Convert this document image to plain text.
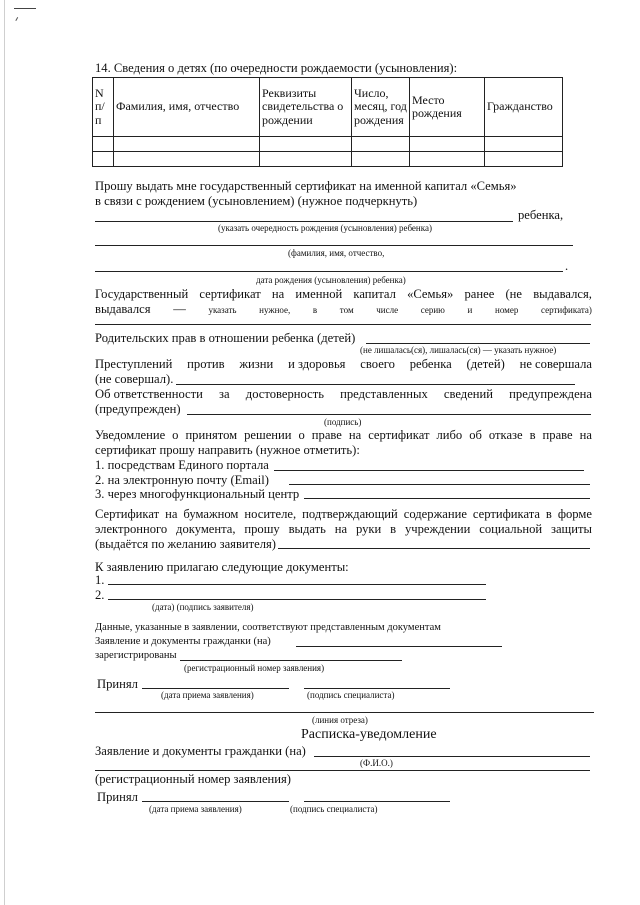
14. Сведения о детях (по очередности рождаемости (усыновления):
N п/п	Фамилия, имя, отчество	Реквизиты свидетельства о рождении	Число, месяц, год рождения	Место рождения	Гражданство

Прошу выдать мне государственный сертификат на именной капитал «Семья»
в связи с рождением (усыновлением) (нужное подчеркнуть)
ребенка,
(указать очередность рождения (усыновления) ребенка)
(фамилия, имя, отчество,
.
дата рождения (усыновления) ребенка)
Государственный сертификат на именной капитал «Семья» ранее (не выдавался,
выдавался —	указать	нужное,	в	том	числе	серию	и	номер	сертификата)
Родительских прав в отношении ребенка (детей)
(не лишалась(ся), лишалась(ся) — указать нужное)
Преступлений против жизни и здоровья своего ребенка (детей) не совершала
(не совершал).
Об ответственности за достоверность представленных сведений предупреждена
(предупрежден)
(подпись)
Уведомление о принятом решении о праве на сертификат либо об отказе в праве на
сертификат прошу направить (нужное отметить):
1. посредствам Единого портала
2. на электронную почту (Email)
3. через многофункциональный центр
Сертификат на бумажном носителе, подтверждающий содержание сертификата в форме
электронного документа, прошу выдать на руки в учреждении социальной защиты
(выдаётся по желанию заявителя)
К заявлению прилагаю следующие документы:
1.
2.
(дата) (подпись заявителя)
Данные, указанные в заявлении, соответствуют представленным документам
Заявление и документы гражданки (на)
зарегистрированы
(регистрационный номер заявления)
Принял
(дата приема заявления)	(подпись специалиста)
(линия отреза)
Расписка-уведомление
Заявление и документы гражданки (на)
(Ф.И.О.)
(регистрационный номер заявления)
Принял
(дата приема заявления)	(подпись специалиста)
